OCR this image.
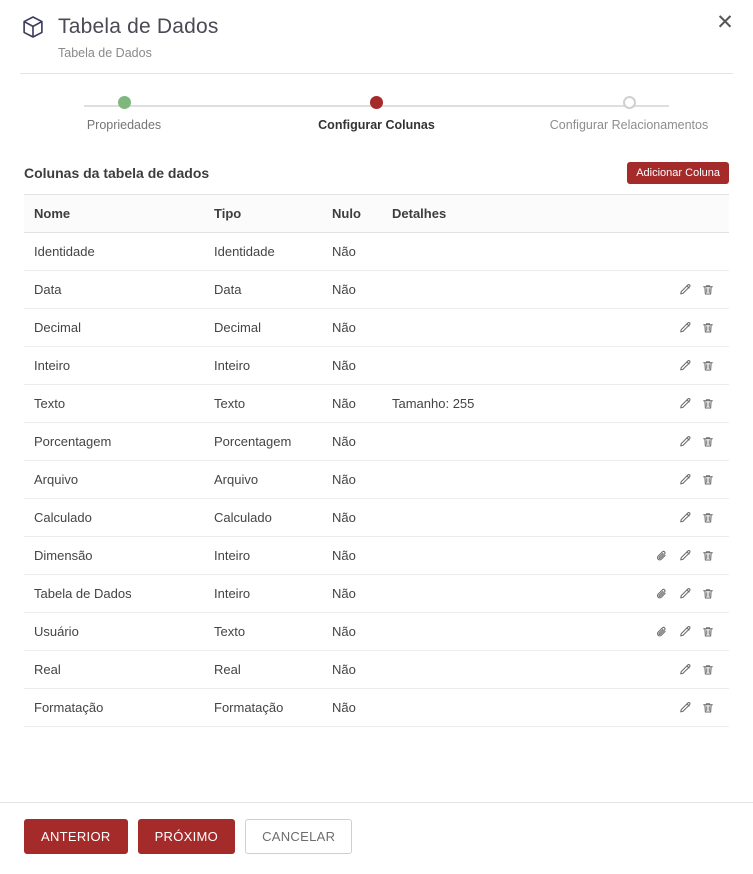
Tabela de Dados
Tabela de Dados
✕
Propriedades	Configurar Colunas	Configurar Relacionamentos
Colunas da tabela de dados	Adicionar Coluna
Nome	Tipo	Nulo	Detalhes	
Identidade	Identidade	Não		

Data	Data	Não		

Decimal	Decimal	Não		

Inteiro	Inteiro	Não		

Texto	Texto	Não	Tamanho: 255	

Porcentagem	Porcentagem	Não		

Arquivo	Arquivo	Não		

Calculado	Calculado	Não		

Dimensão	Inteiro	Não		

Tabela de Dados	Inteiro	Não		

Usuário	Texto	Não		

Real	Real	Não		

Formatação	Formatação	Não		
ANTERIOR	PRÓXIMO	CANCELAR
